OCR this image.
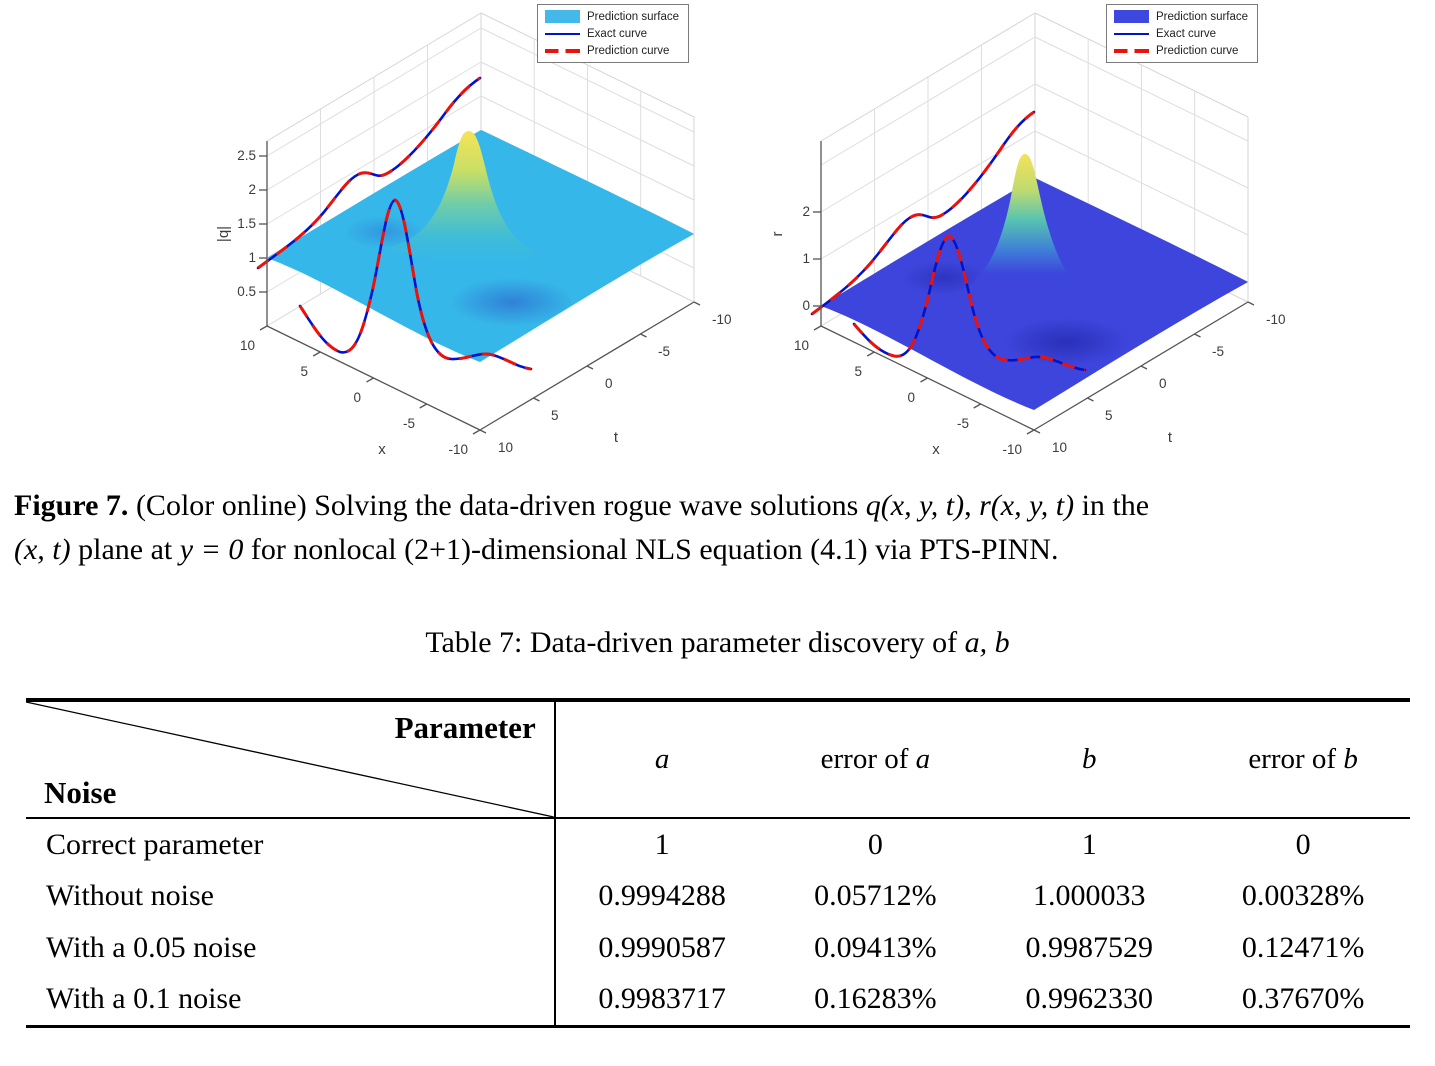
2.5
2
1.5
1
0.5
10
5
0
-5
-10 10
5
0
-5
-10
x
t
|q|
2
1
0
10
5
0
-5
-10 10
5
0
-5
-10
x
t
r
Prediction surface
Exact curve
Prediction curve
Prediction surface
Exact curve
Prediction curve
Figure 7. (Color online) Solving the data-driven rogue wave solutions q(x, y, t), r(x, y, t) in the
(x, t) plane at y = 0 for nonlocal (2+1)-dimensional NLS equation (4.1) via PTS-PINN.
Table 7: Data-driven parameter discovery of a, b
Parameter
Noise	a	error of a	b	error of b
Correct parameter	1	0	1	0
Without noise	0.9994288	0.05712%	1.000033	0.00328%
With a 0.05 noise	0.9990587	0.09413%	0.9987529	0.12471%
With a 0.1 noise	0.9983717	0.16283%	0.9962330	0.37670%
